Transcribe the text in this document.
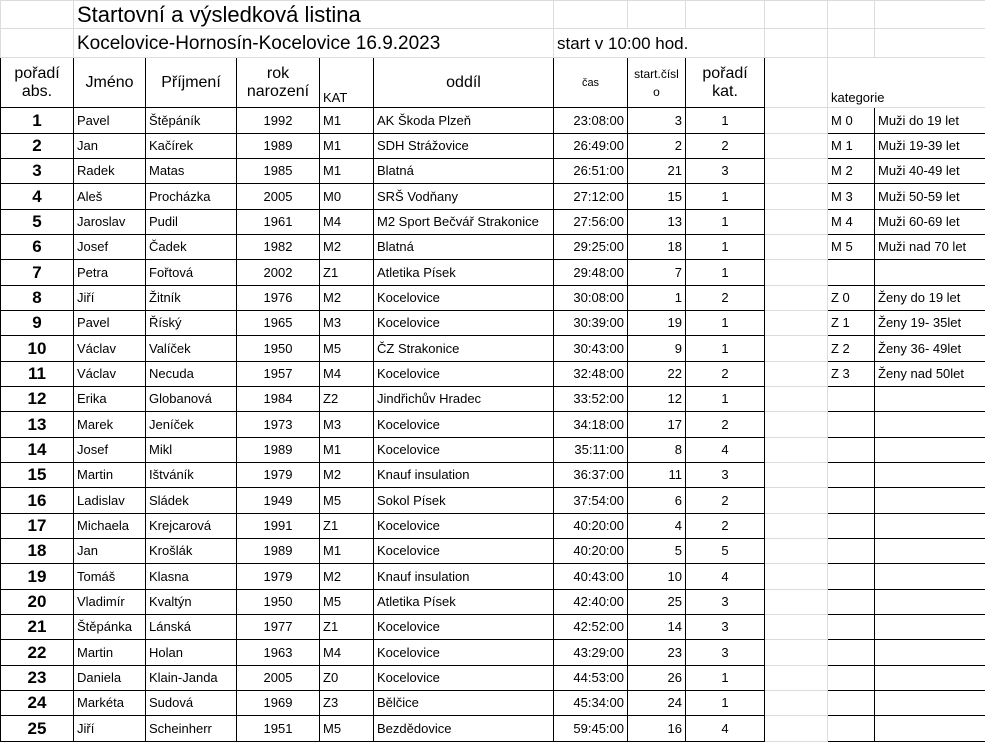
	Startovní a výsledková listina										
	Kocelovice-Hornosín-Kocelovice 16.9.2023					start v 10:00 hod.					
pořadí abs.	Jméno	Příjmení	rok narození	KAT	oddíl	čas	start.čísl o	pořadí kat.		kategorie	
1	Pavel	Štěpáník	1992	M1	AK Škoda Plzeň	23:08:00	3	1		M 0	Muži do 19 let
2	Jan	Kačírek	1989	M1	SDH Strážovice	26:49:00	2	2		M 1	Muži 19-39 let
3	Radek	Matas	1985	M1	Blatná	26:51:00	21	3		M 2	Muži 40-49 let
4	Aleš	Procházka	2005	M0	SRŠ Vodňany	27:12:00	15	1		M 3	Muži 50-59 let
5	Jaroslav	Pudil	1961	M4	M2 Sport Bečvář Strakonice	27:56:00	13	1		M 4	Muži 60-69 let
6	Josef	Čadek	1982	M2	Blatná	29:25:00	18	1		M 5	Muži nad 70 let
7	Petra	Fořtová	2002	Z1	Atletika Písek	29:48:00	7	1			
8	Jiří	Žitník	1976	M2	Kocelovice	30:08:00	1	2		Z 0	Ženy do 19 let
9	Pavel	Říský	1965	M3	Kocelovice	30:39:00	19	1		Z 1	Ženy 19- 35let
10	Václav	Valíček	1950	M5	ČZ Strakonice	30:43:00	9	1		Z 2	Ženy 36- 49let
11	Václav	Necuda	1957	M4	Kocelovice	32:48:00	22	2		Z 3	Ženy nad 50let
12	Erika	Globanová	1984	Z2	Jindřichův Hradec	33:52:00	12	1			
13	Marek	Jeníček	1973	M3	Kocelovice	34:18:00	17	2			
14	Josef	Mikl	1989	M1	Kocelovice	35:11:00	8	4			
15	Martin	Ištváník	1979	M2	Knauf insulation	36:37:00	11	3			
16	Ladislav	Sládek	1949	M5	Sokol Písek	37:54:00	6	2			
17	Michaela	Krejcarová	1991	Z1	Kocelovice	40:20:00	4	2			
18	Jan	Krošlák	1989	M1	Kocelovice	40:20:00	5	5			
19	Tomáš	Klasna	1979	M2	Knauf insulation	40:43:00	10	4			
20	Vladimír	Kvaltýn	1950	M5	Atletika Písek	42:40:00	25	3			
21	Štěpánka	Lánská	1977	Z1	Kocelovice	42:52:00	14	3			
22	Martin	Holan	1963	M4	Kocelovice	43:29:00	23	3			
23	Daniela	Klain-Janda	2005	Z0	Kocelovice	44:53:00	26	1			
24	Markéta	Sudová	1969	Z3	Bělčice	45:34:00	24	1			
25	Jiří	Scheinherr	1951	M5	Bezdědovice	59:45:00	16	4			
